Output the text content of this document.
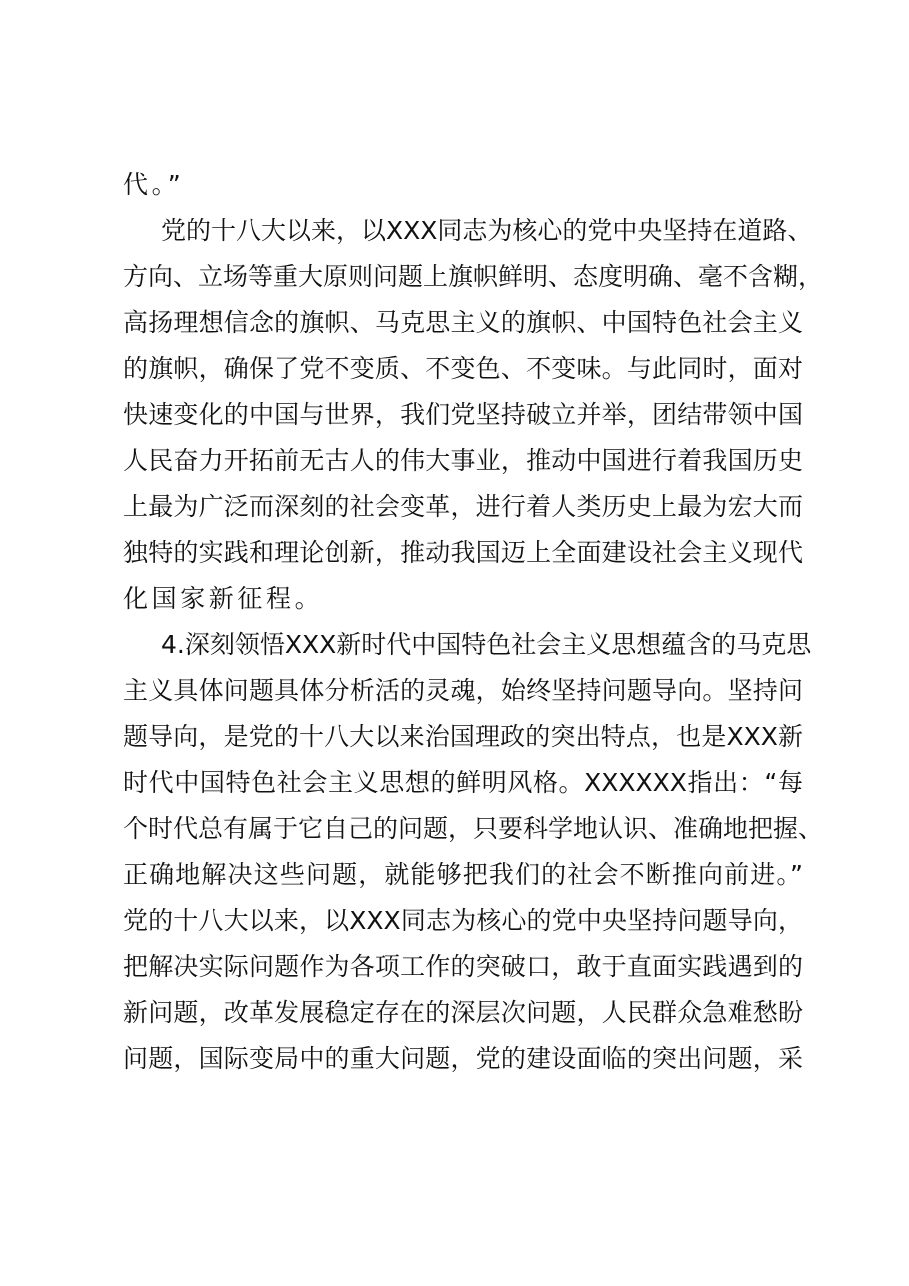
代。”
党的十八大以来，以XXX同志为核心的党中央坚持在道路、
方向、立场等重大原则问题上旗帜鲜明、态度明确、毫不含糊，
高扬理想信念的旗帜、马克思主义的旗帜、中国特色社会主义
的旗帜，确保了党不变质、不变色、不变味。与此同时，面对
快速变化的中国与世界，我们党坚持破立并举，团结带领中国
人民奋力开拓前无古人的伟大事业，推动中国进行着我国历史
上最为广泛而深刻的社会变革，进行着人类历史上最为宏大而
独特的实践和理论创新，推动我国迈上全面建设社会主义现代
化国家新征程。
4.深刻领悟XXX新时代中国特色社会主义思想蕴含的马克思
主义具体问题具体分析活的灵魂，始终坚持问题导向。坚持问
题导向，是党的十八大以来治国理政的突出特点，也是XXX新
时代中国特色社会主义思想的鲜明风格。XXXXXX指出：“每
个时代总有属于它自己的问题，只要科学地认识、准确地把握、
正确地解决这些问题，就能够把我们的社会不断推向前进。”
党的十八大以来，以XXX同志为核心的党中央坚持问题导向，
把解决实际问题作为各项工作的突破口，敢于直面实践遇到的
新问题，改革发展稳定存在的深层次问题，人民群众急难愁盼
问题，国际变局中的重大问题，党的建设面临的突出问题，采
